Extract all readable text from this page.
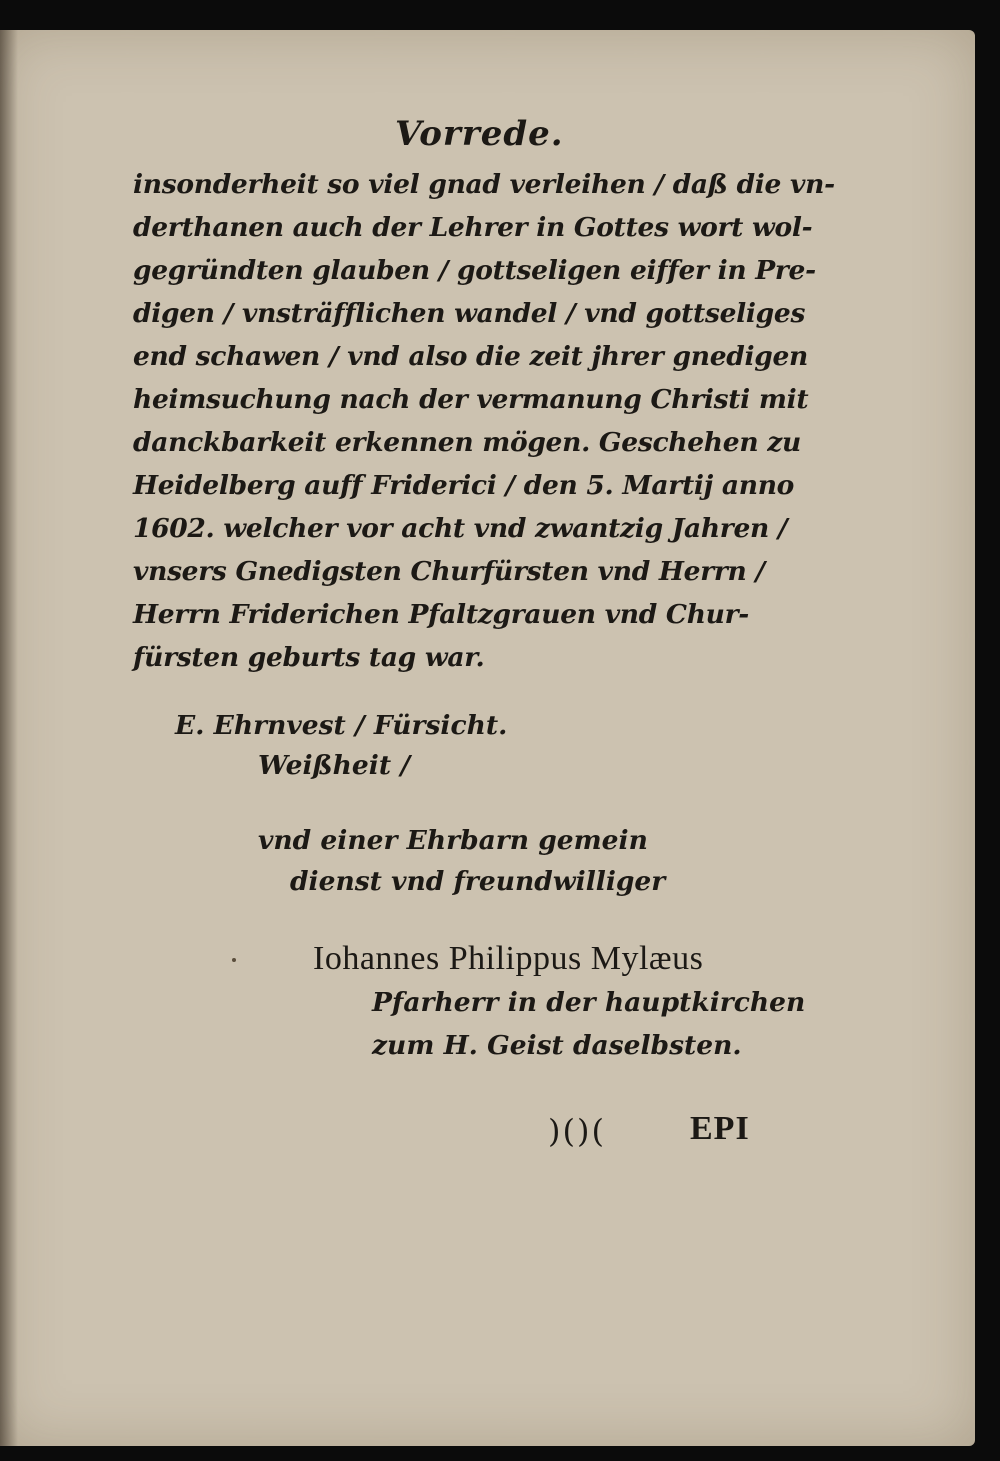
Vorrede.
insonderheit so viel gnad verleihen / daß die vn-
derthanen auch der Lehrer in Gottes wort wol-
gegründten glauben / gottseligen eiffer in Pre-
digen / vnsträfflichen wandel / vnd gottseliges
end schawen / vnd also die zeit jhrer gnedigen
heimsuchung nach der vermanung Christi mit
danckbarkeit erkennen mögen. Geschehen zu
Heidelberg auff Friderici / den 5. Martij anno
1602. welcher vor acht vnd zwantzig Jahren /
vnsers Gnedigsten Churfürsten vnd Herrn /
Herrn Friderichen Pfaltzgrauen vnd Chur-
fürsten geburts tag war.
E. Ehrnvest / Fürsicht.
Weißheit /
vnd einer Ehrbarn gemein
dienst vnd freundwilliger
Iohannes Philippus Mylæus
Pfarherr in der hauptkirchen
zum H. Geist daselbsten.
)()( EPI
